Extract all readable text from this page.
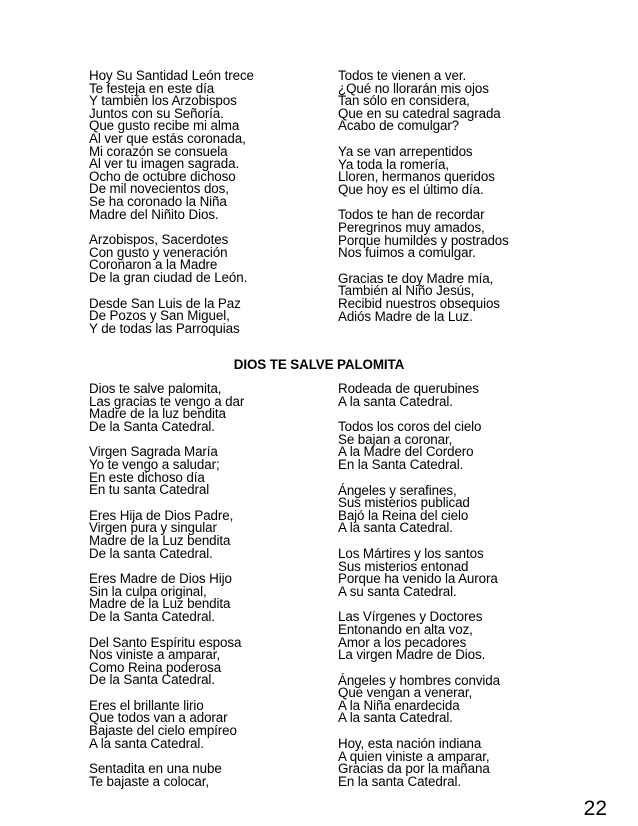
Hoy Su Santidad León trece
Te festeja en este día
Y también los Arzobispos
Juntos con su Señoría.
Que gusto recibe mi alma
Al ver que estás coronada,
Mi corazón se consuela
Al ver tu imagen sagrada.
Ocho de octubre dichoso
De mil novecientos dos,
Se ha coronado la Niña
Madre del Niñito Dios.
Arzobispos, Sacerdotes
Con gusto y veneración
Coronaron a la Madre
De la gran ciudad de León.
Desde San Luis de la Paz
De Pozos y San Miguel,
Y de todas las Parroquias
Todos te vienen a ver.
¿Qué no llorarán mis ojos
Tan sólo en considera,
Que en su catedral sagrada
Acabo de comulgar?
Ya se van arrepentidos
Ya toda la romería,
Lloren, hermanos queridos
Que hoy es el último día.
Todos te han de recordar
Peregrinos muy amados,
Porque humildes y postrados
Nos fuimos a comulgar.
Gracias te doy Madre mía,
También al Niño Jesús,
Recibid nuestros obsequios
Adiós Madre de la Luz.
DIOS TE SALVE PALOMITA
Dios te salve palomita,
Las gracias te vengo a dar
Madre de la luz bendita
De la Santa Catedral.
Virgen Sagrada María
Yo te vengo a saludar;
En este dichoso día
En tu santa Catedral
Eres Hija de Dios Padre,
Virgen pura y singular
Madre de la Luz bendita
De la santa Catedral.
Eres Madre de Dios Hijo
Sin la culpa original,
Madre de la Luz bendita
De la Santa Catedral.
Del Santo Espíritu esposa
Nos viniste a amparar,
Como Reina poderosa
De la Santa Catedral.
Eres el brillante lirio
Que todos van a adorar
Bajaste del cielo empíreo
A la santa Catedral.
Sentadita en una nube
Te bajaste a colocar,
Rodeada de querubines
A la santa Catedral.
Todos los coros del cielo
Se bajan a coronar,
A la Madre del Cordero
En la Santa Catedral.
Ángeles y serafines,
Sus misterios publicad
Bajó la Reina del cielo
A la santa Catedral.
Los Mártires y los santos
Sus misterios entonad
Porque ha venido la Aurora
A su santa Catedral.
Las Vírgenes y Doctores
Entonando en alta voz,
Amor a los pecadores
La virgen Madre de Dios.
Ángeles y hombres convida
Que vengan a venerar,
A la Niña enardecida
A la santa Catedral.
Hoy, esta nación indiana
A quien viniste a amparar,
Gracias da por la mañana
En la santa Catedral.
22
